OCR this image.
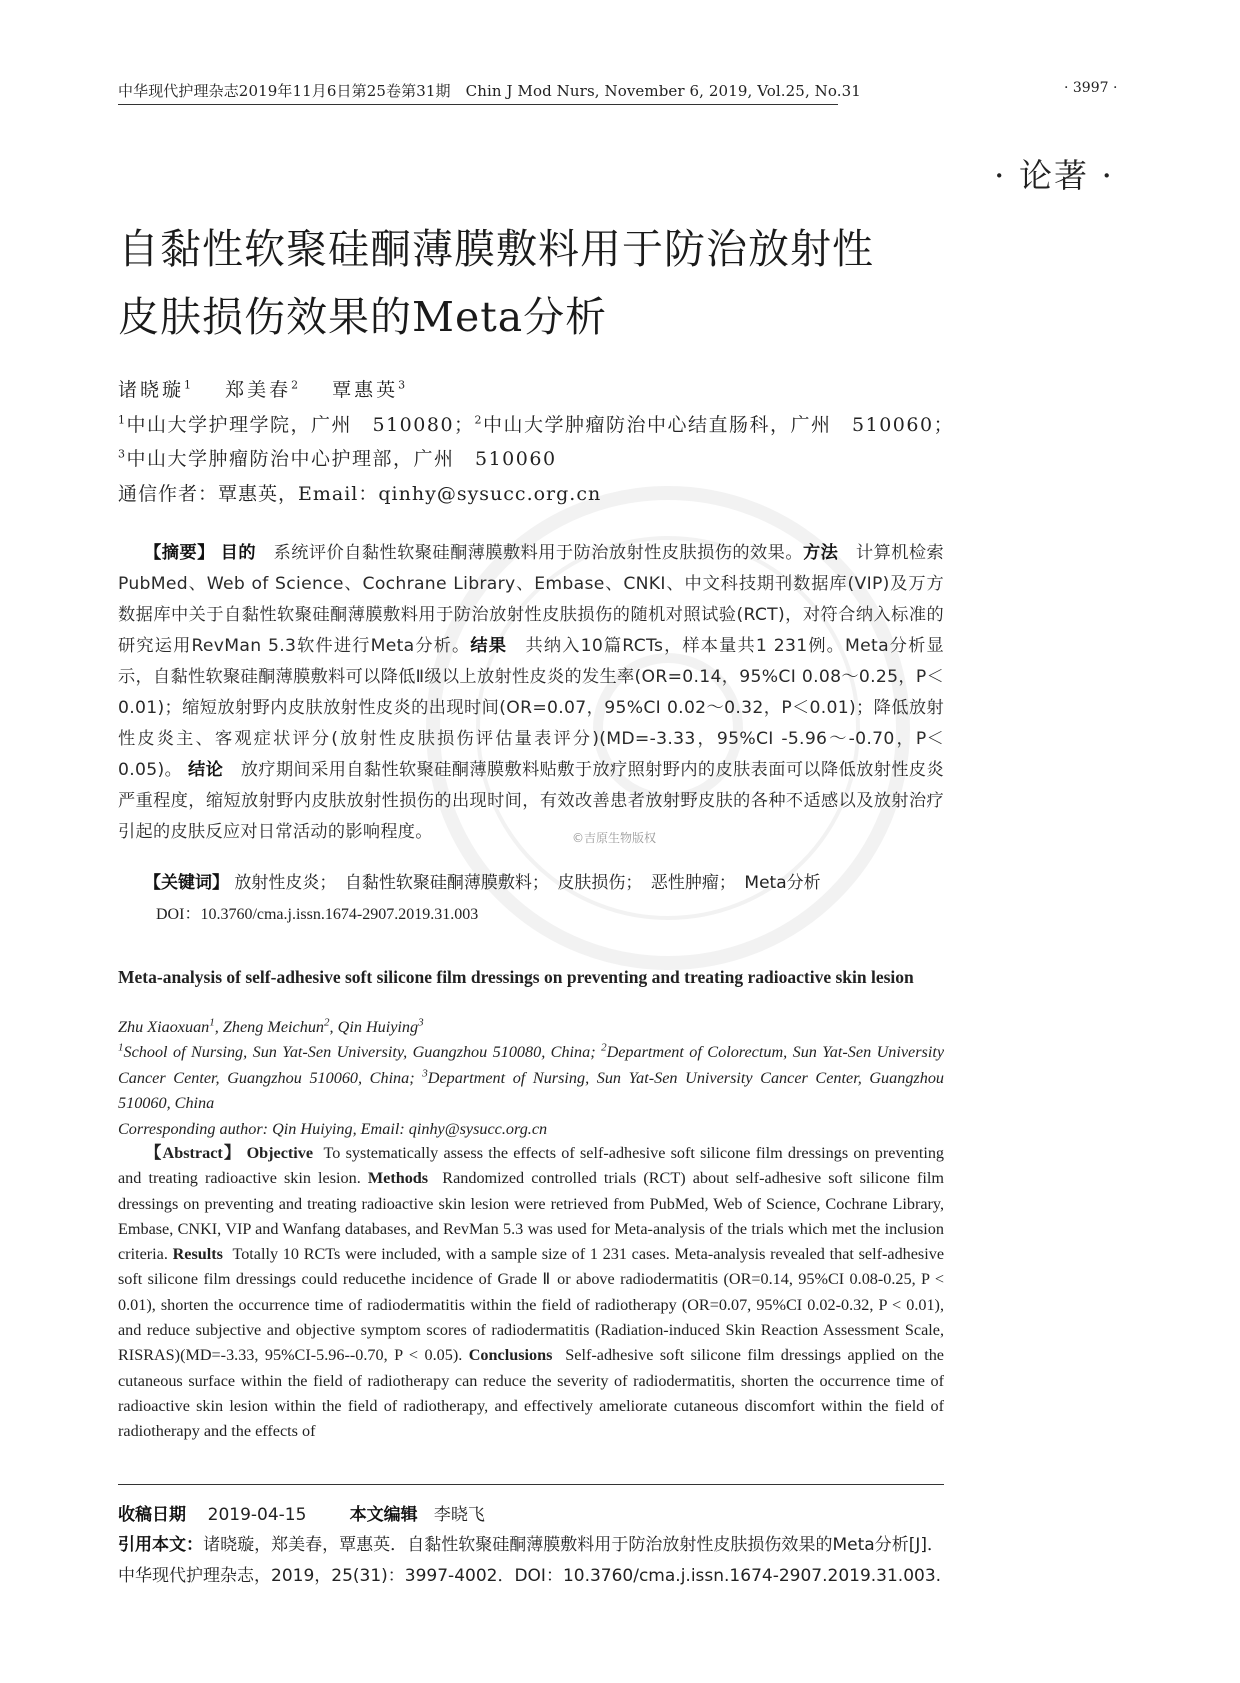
中华现代护理杂志2019年11月6日第25卷第31期　Chin J Mod Nurs, November 6, 2019, Vol.25, No.31	· 3997 ·
· 论著 ·
自黏性软聚硅酮薄膜敷料用于防治放射性
皮肤损伤效果的Meta分析
诸晓璇$^1$ 　 郑美春$^2$ 　 覃惠英$^3$
$^1$中山大学护理学院，广州　510080；$^2$中山大学肿瘤防治中心结直肠科，广州　510060；
$^3$中山大学肿瘤防治中心护理部，广州　510060
通信作者：覃惠英，Email：qinhy@sysucc.org.cn
【摘要】 目的　 系统评价自黏性软聚硅酮薄膜敷料用于防治放射性皮肤损伤的效果。方法　 计算机检索PubMed、Web of Science、Cochrane Library、Embase、CNKI、中文科技期刊数据库(VIP)及万方数据库中关于自黏性软聚硅酮薄膜敷料用于防治放射性皮肤损伤的随机对照试验(RCT)，对符合纳入标准的研究运用RevMan 5.3软件进行Meta分析。结果　 共纳入10篇RCTs，样本量共1 231例。Meta分析显示，自黏性软聚硅酮薄膜敷料可以降低Ⅱ级以上放射性皮炎的发生率(OR=0.14，95%CI 0.08～0.25，P＜0.01)；缩短放射野内皮肤放射性皮炎的出现时间(OR=0.07，95%CI 0.02～0.32，P＜0.01)；降低放射性皮炎主、客观症状评分(放射性皮肤损伤评估量表评分)(MD=-3.33，95%CI -5.96～-0.70，P＜0.05)。 结论　 放疗期间采用自黏性软聚硅酮薄膜敷料贴敷于放疗照射野内的皮肤表面可以降低放射性皮炎严重程度，缩短放射野内皮肤放射性损伤的出现时间，有效改善患者放射野皮肤的各种不适感以及放射治疗引起的皮肤反应对日常活动的影响程度。	©吉原生物版权
【关键词】 放射性皮炎；　自黏性软聚硅酮薄膜敷料；　皮肤损伤；　恶性肿瘤；　Meta分析
DOI：10.3760/cma.j.issn.1674-2907.2019.31.003
Meta-analysis of self-adhesive soft silicone film dressings on preventing and treating radioactive skin lesion
Zhu Xiaoxuan$^1$, Zheng Meichun$^2$, Qin Huiying$^3$
$^1$School of Nursing, Sun Yat-Sen University, Guangzhou 510080, China; $^2$Department of Colorectum, Sun Yat-Sen University Cancer Center, Guangzhou 510060, China; $^3$Department of Nursing, Sun Yat-Sen University Cancer Center, Guangzhou 510060, China
Corresponding author: Qin Huiying, Email: qinhy@sysucc.org.cn
【Abstract】 Objective To systematically assess the effects of self-adhesive soft silicone film dressings on preventing and treating radioactive skin lesion. Methods Randomized controlled trials (RCT) about self-adhesive soft silicone film dressings on preventing and treating radioactive skin lesion were retrieved from PubMed, Web of Science, Cochrane Library, Embase, CNKI, VIP and Wanfang databases, and RevMan 5.3 was used for Meta-analysis of the trials which met the inclusion criteria. Results Totally 10 RCTs were included, with a sample size of 1 231 cases. Meta-analysis revealed that self-adhesive soft silicone film dressings could reducethe incidence of Grade Ⅱ or above radiodermatitis (OR=0.14, 95%CI 0.08-0.25, P < 0.01), shorten the occurrence time of radiodermatitis within the field of radiotherapy (OR=0.07, 95%CI 0.02-0.32, P < 0.01), and reduce subjective and objective symptom scores of radiodermatitis (Radiation-induced Skin Reaction Assessment Scale, RISRAS)(MD=-3.33, 95%CI-5.96--0.70, P < 0.05). Conclusions Self-adhesive soft silicone film dressings applied on the cutaneous surface within the field of radiotherapy can reduce the severity of radiodermatitis, shorten the occurrence time of radioactive skin lesion within the field of radiotherapy, and effectively ameliorate cutaneous discomfort within the field of radiotherapy and the effects of
收稿日期 2019-04-15	本文编辑 李晓飞
引用本文：诸晓璇，郑美春，覃惠英．自黏性软聚硅酮薄膜敷料用于防治放射性皮肤损伤效果的Meta分析[J]．中华现代护理杂志，2019，25(31)：3997-4002．DOI：10.3760/cma.j.issn.1674-2907.2019.31.003.
